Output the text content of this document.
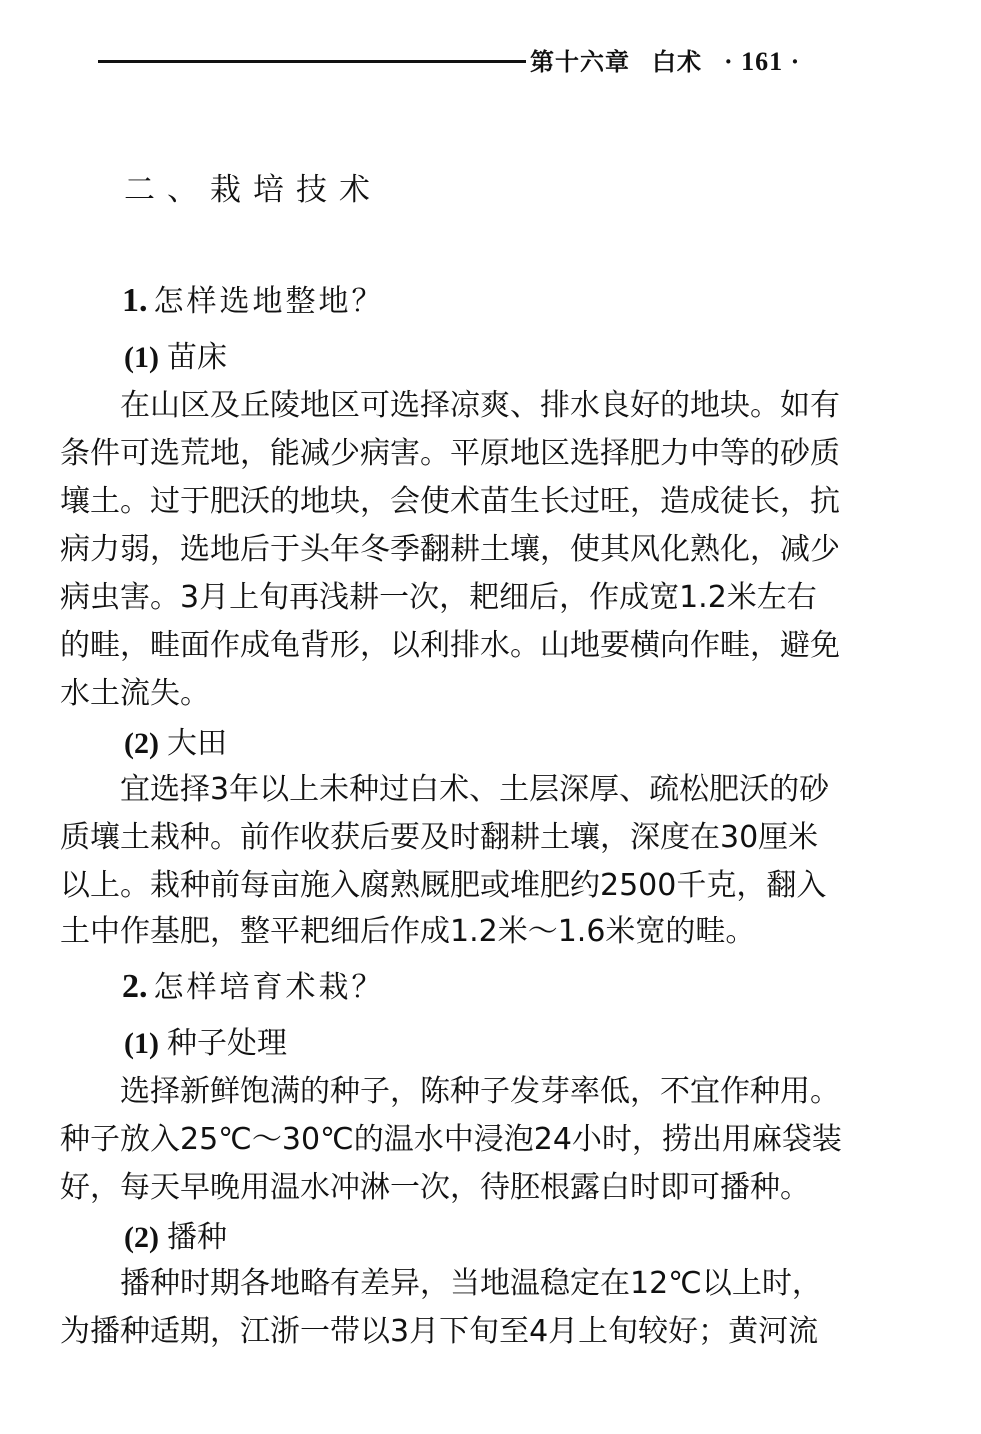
第十六章 白术 · 161 ·
二、栽培技术
1. 怎样选地整地？
(1) 苗床
在山区及丘陵地区可选择凉爽、排水良好的地块。如有
条件可选荒地，能减少病害。平原地区选择肥力中等的砂质
壤土。过于肥沃的地块，会使术苗生长过旺，造成徒长，抗
病力弱，选地后于头年冬季翻耕土壤，使其风化熟化，减少
病虫害。3月上旬再浅耕一次，耙细后，作成宽1.2米左右
的畦，畦面作成龟背形，以利排水。山地要横向作畦，避免
水土流失。
(2) 大田
宜选择3年以上未种过白术、土层深厚、疏松肥沃的砂
质壤土栽种。前作收获后要及时翻耕土壤，深度在30厘米
以上。栽种前每亩施入腐熟厩肥或堆肥约2500千克，翻入
土中作基肥，整平耙细后作成1.2米～1.6米宽的畦。
2. 怎样培育术栽？
(1) 种子处理
选择新鲜饱满的种子，陈种子发芽率低，不宜作种用。
种子放入25℃～30℃的温水中浸泡24小时，捞出用麻袋装
好，每天早晚用温水冲淋一次，待胚根露白时即可播种。
(2) 播种
播种时期各地略有差异，当地温稳定在12℃以上时，
为播种适期，江浙一带以3月下旬至4月上旬较好；黄河流
